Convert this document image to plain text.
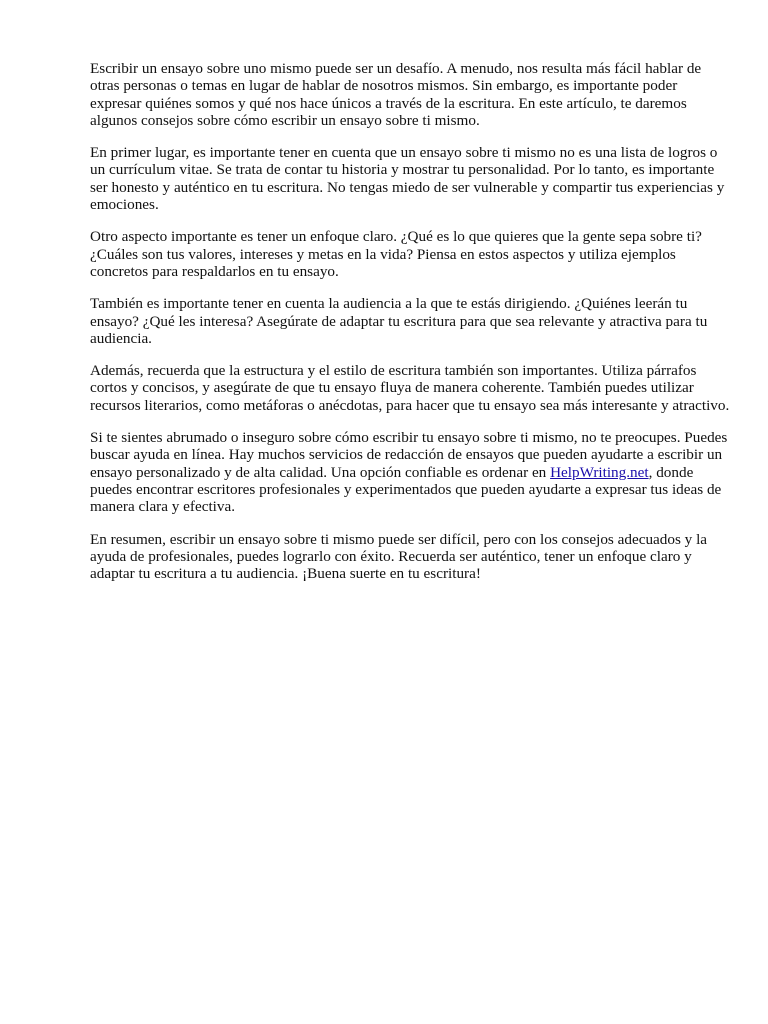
Escribir un ensayo sobre uno mismo puede ser un desafío. A menudo, nos resulta más fácil hablar de otras personas o temas en lugar de hablar de nosotros mismos. Sin embargo, es importante poder expresar quiénes somos y qué nos hace únicos a través de la escritura. En este artículo, te daremos algunos consejos sobre cómo escribir un ensayo sobre ti mismo.

En primer lugar, es importante tener en cuenta que un ensayo sobre ti mismo no es una lista de logros o un currículum vitae. Se trata de contar tu historia y mostrar tu personalidad. Por lo tanto, es importante ser honesto y auténtico en tu escritura. No tengas miedo de ser vulnerable y compartir tus experiencias y emociones.

Otro aspecto importante es tener un enfoque claro. ¿Qué es lo que quieres que la gente sepa sobre ti? ¿Cuáles son tus valores, intereses y metas en la vida? Piensa en estos aspectos y utiliza ejemplos concretos para respaldarlos en tu ensayo.

También es importante tener en cuenta la audiencia a la que te estás dirigiendo. ¿Quiénes leerán tu ensayo? ¿Qué les interesa? Asegúrate de adaptar tu escritura para que sea relevante y atractiva para tu audiencia.

Además, recuerda que la estructura y el estilo de escritura también son importantes. Utiliza párrafos cortos y concisos, y asegúrate de que tu ensayo fluya de manera coherente. También puedes utilizar recursos literarios, como metáforas o anécdotas, para hacer que tu ensayo sea más interesante y atractivo.

Si te sientes abrumado o inseguro sobre cómo escribir tu ensayo sobre ti mismo, no te preocupes. Puedes buscar ayuda en línea. Hay muchos servicios de redacción de ensayos que pueden ayudarte a escribir un ensayo personalizado y de alta calidad. Una opción confiable es ordenar en HelpWriting.net, donde puedes encontrar escritores profesionales y experimentados que pueden ayudarte a expresar tus ideas de manera clara y efectiva.

En resumen, escribir un ensayo sobre ti mismo puede ser difícil, pero con los consejos adecuados y la ayuda de profesionales, puedes lograrlo con éxito. Recuerda ser auténtico, tener un enfoque claro y adaptar tu escritura a tu audiencia. ¡Buena suerte en tu escritura!
